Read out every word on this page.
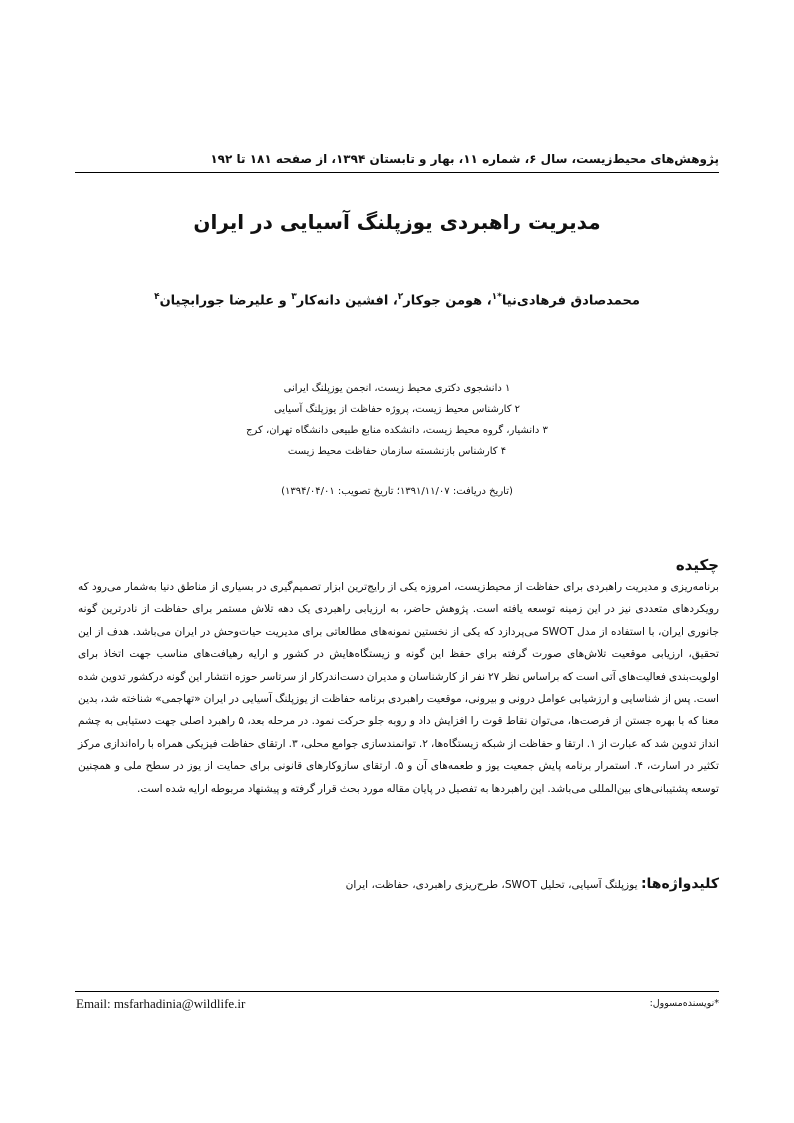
پژوهش‌های محیط‌زیست، سال ۶، شماره ۱۱، بهار و تابستان ۱۳۹۴، از صفحه ۱۸۱ تا ۱۹۲
مدیریت راهبردی یوزپلنگ آسیایی در ایران

محمدصادق فرهادی‌نیا$^{*۱}$، هومن جوکار$^۲$، افشین دانه‌کار$^۳$ و علیرضا جورابچیان$^۴$

۱ دانشجوی دکتری محیط زیست، انجمن یوزپلنگ ایرانی
۲ کارشناس محیط زیست، پروژه حفاظت از یوزپلنگ آسیایی
۳ دانشیار، گروه محیط زیست، دانشکده منابع طبیعی دانشگاه تهران، کرج
۴ کارشناس بازنشسته سازمان حفاظت محیط زیست
(تاریخ دریافت: ۱۳۹۱/۱۱/۰۷؛ تاریخ تصویب: ۱۳۹۴/۰۴/۰۱)
چکیده

برنامه‌ریزی و مدیریت راهبردی برای حفاظت از محیط‌زیست، امروزه یکی از رایج‌ترین ابزار تصمیم‌گیری در بسیاری از مناطق دنیا به‌شمار می‌رود که رویکردهای متعددی نیز در این زمینه توسعه یافته است. پژوهش حاضر، به ارزیابی راهبردی یک دهه تلاش مستمر برای حفاظت از نادرترین گونه جانوری ایران، با استفاده از مدل SWOT می‌پردازد که یکی از نخستین نمونه‌های مطالعاتی برای مدیریت حیات‌وحش در ایران می‌باشد. هدف از این تحقیق، ارزیابی موقعیت تلاش‌های صورت گرفته برای حفظ این گونه و زیستگاه‌هایش در کشور و ارایه رهیافت‌های مناسب جهت اتخاذ برای اولویت‌بندی فعالیت‌های آتی است که براساس نظر ۲۷ نفر از کارشناسان و مدیران دست‌اندرکار از سرتاسر حوزه انتشار این گونه درکشور تدوین شده است. پس از شناسایی و ارزشیابی عوامل درونی و بیرونی، موقعیت راهبردی برنامه حفاظت از یوزپلنگ آسیایی در ایران «تهاجمی» شناخته شد، بدین معنا که با بهره جستن از فرصت‌ها، می‌توان نقاط قوت را افزایش داد و روبه جلو حرکت نمود. در مرحله بعد، ۵ راهبرد اصلی جهت دستیابی به چشم انداز تدوین شد که عبارت از ۱. ارتقا و حفاظت از شبکه زیستگاه‌ها، ۲. توانمندسازی جوامع محلی، ۳. ارتقای حفاظت فیزیکی همراه با راه‌اندازی مرکز تکثیر در اسارت، ۴. استمرار برنامه پایش جمعیت یوز و طعمه‌های آن و ۵. ارتقای سازوکارهای قانونی برای حمایت از یوز در سطح ملی و همچنین توسعه پشتیبانی‌های بین‌المللی می‌باشد. این راهبردها به تفصیل در پایان مقاله مورد بحث قرار گرفته و پیشنهاد مربوطه ارایه شده است.

کلیدواژه‌ها: یوزپلنگ آسیایی، تحلیل SWOT، طرح‌ریزی راهبردی، حفاظت، ایران
*نویسنده‌مسوول:
Email: msfarhadinia@wildlife.ir
